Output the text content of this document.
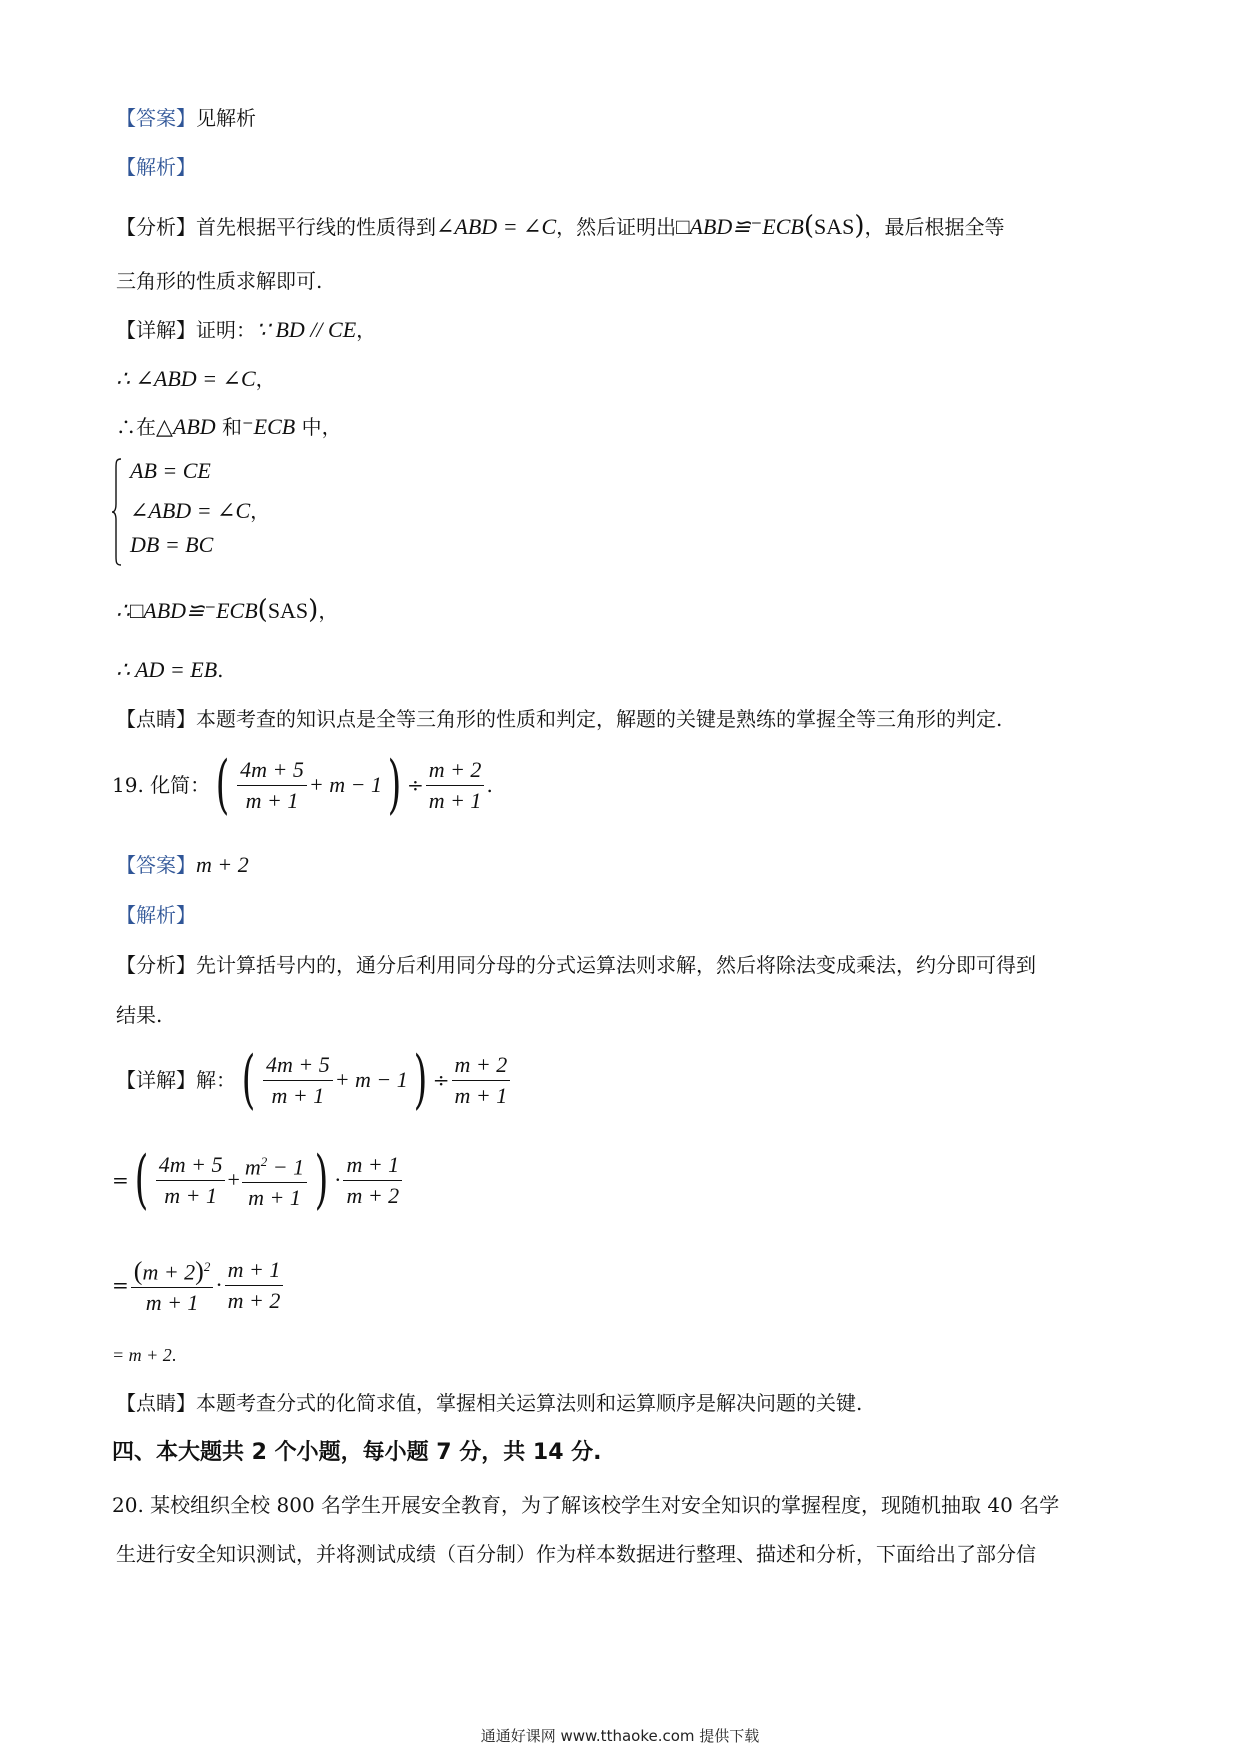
【答案】见解析
【解析】
【分析】首先根据平行线的性质得到∠ABD = ∠C，然后证明出□ABD≌⁻ECB(SAS)，最后根据全等
三角形的性质求解即可.
【详解】证明：∵ BD // CE，
∴ ∠ABD = ∠C，
∴在△ABD 和⁻ECB 中，
AB = CE
∠ABD = ∠C，
DB = BC
∴□ABD≌⁻ECB(SAS)，
∴ AD = EB.
【点睛】本题考查的知识点是全等三角形的性质和判定，解题的关键是熟练的掌握全等三角形的判定.
19. 化简：( $\frac{4m + 5}{m + 1} + m - 1) \div \frac{m + 2}{m + 1}$ .
【答案】m + 2
【解析】
【分析】先计算括号内的，通分后利用同分母的分式运算法则求解，然后将除法变成乘法，约分即可得到
结果.
【详解】解：( $\frac{4m + 5}{m + 1} + m - 1) \div \frac{m + 2}{m + 1}$
=( $\frac{4m + 5}{m + 1} + \frac{m^2 - 1}{m + 1}$ ) · $\frac{m + 1}{m + 2}$
= $\frac{(m + 2)^2}{m + 1} \cdot \frac{m + 1}{m + 2}$
= m + 2.
【点睛】本题考查分式的化简求值，掌握相关运算法则和运算顺序是解决问题的关键.
四、本大题共 2 个小题，每小题 7 分，共 14 分.
20. 某校组织全校 800 名学生开展安全教育，为了解该校学生对安全知识的掌握程度，现随机抽取 40 名学
生进行安全知识测试，并将测试成绩（百分制）作为样本数据进行整理、描述和分析，下面给出了部分信
通通好课网 www.tthaoke.com 提供下载
